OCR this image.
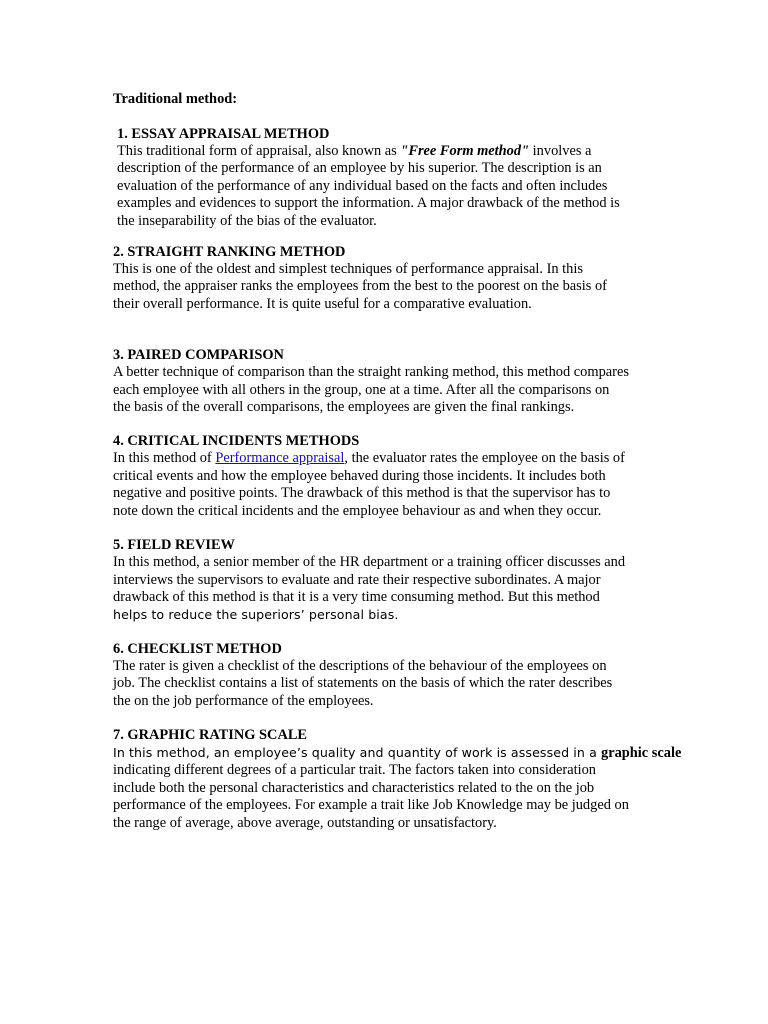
Traditional method:

1. ESSAY APPRAISAL METHOD

This traditional form of appraisal, also known as "Free Form method" involves a
description of the performance of an employee by his superior. The description is an
evaluation of the performance of any individual based on the facts and often includes
examples and evidences to support the information. A major drawback of the method is
the inseparability of the bias of the evaluator.

2. STRAIGHT RANKING METHOD

This is one of the oldest and simplest techniques of performance appraisal. In this
method, the appraiser ranks the employees from the best to the poorest on the basis of
their overall performance. It is quite useful for a comparative evaluation.

3. PAIRED COMPARISON

A better technique of comparison than the straight ranking method, this method compares
each employee with all others in the group, one at a time. After all the comparisons on
the basis of the overall comparisons, the employees are given the final rankings.

4. CRITICAL INCIDENTS METHODS

In this method of Performance appraisal, the evaluator rates the employee on the basis of
critical events and how the employee behaved during those incidents. It includes both
negative and positive points. The drawback of this method is that the supervisor has to
note down the critical incidents and the employee behaviour as and when they occur.

5. FIELD REVIEW

In this method, a senior member of the HR department or a training officer discusses and
interviews the supervisors to evaluate and rate their respective subordinates. A major
drawback of this method is that it is a very time consuming method. But this method
helps to reduce the superiors’ personal bias.

6. CHECKLIST METHOD

The rater is given a checklist of the descriptions of the behaviour of the employees on
job. The checklist contains a list of statements on the basis of which the rater describes
the on the job performance of the employees.

7. GRAPHIC RATING SCALE

In this method, an employee’s quality and quantity of work is assessed in a graphic scale
indicating different degrees of a particular trait. The factors taken into consideration
include both the personal characteristics and characteristics related to the on the job
performance of the employees. For example a trait like Job Knowledge may be judged on
the range of average, above average, outstanding or unsatisfactory.
